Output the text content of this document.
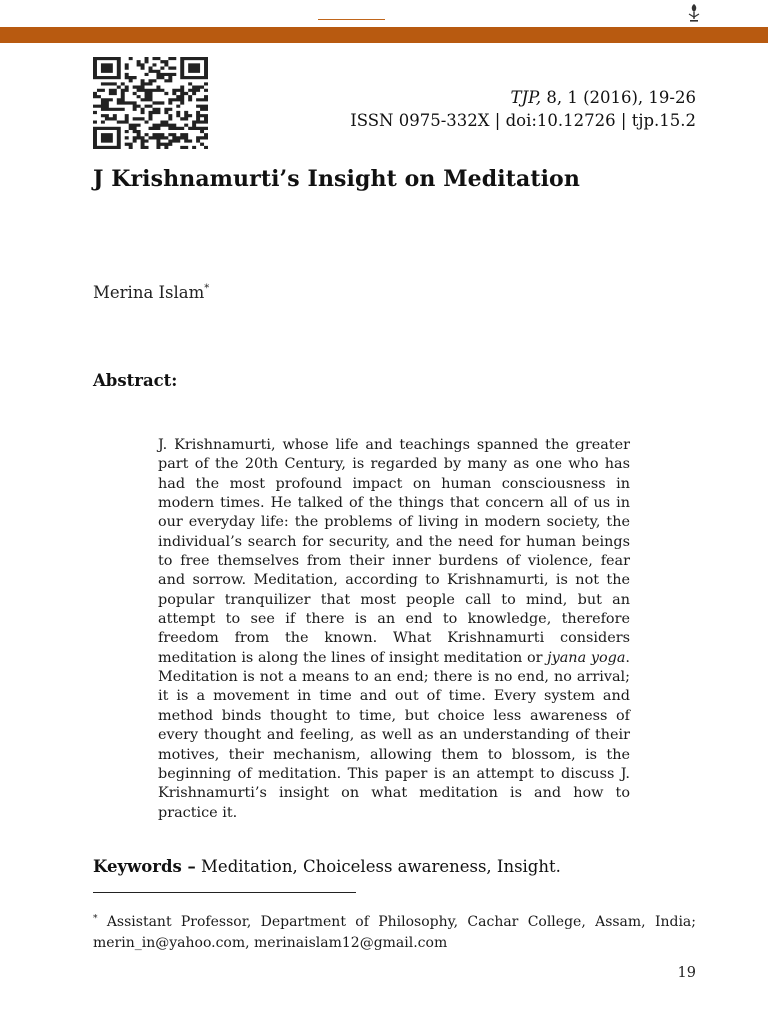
TJP, 8, 1 (2016), 19-26
ISSN 0975-332X | doi:10.12726 | tjp.15.2
J Krishnamurti’s Insight on Meditation
Merina Islam*
Abstract:

J. Krishnamurti, whose life and teachings spanned the greater part of the 20th Century, is regarded by many as one who has had the most profound impact on human consciousness in modern times. He talked of the things that concern all of us in our everyday life: the problems of living in modern society, the individual’s search for security, and the need for human beings to free themselves from their inner burdens of violence, fear and sorrow. Meditation, according to Krishnamurti, is not the popular tranquilizer that most people call to mind, but an attempt to see if there is an end to knowledge, therefore freedom from the known. What Krishnamurti considers meditation is along the lines of insight meditation or jyana yoga. Meditation is not a means to an end; there is no end, no arrival; it is a movement in time and out of time. Every system and method binds thought to time, but choice less awareness of every thought and feeling, as well as an understanding of their motives, their mechanism, allowing them to blossom, is the beginning of meditation. This paper is an attempt to discuss J. Krishnamurti’s insight on what meditation is and how to practice it.

Keywords – Meditation, Choiceless awareness, Insight.

* Assistant Professor, Department of Philosophy, Cachar College, Assam, India; merin_in@yahoo.com, merinaislam12@gmail.com

19
